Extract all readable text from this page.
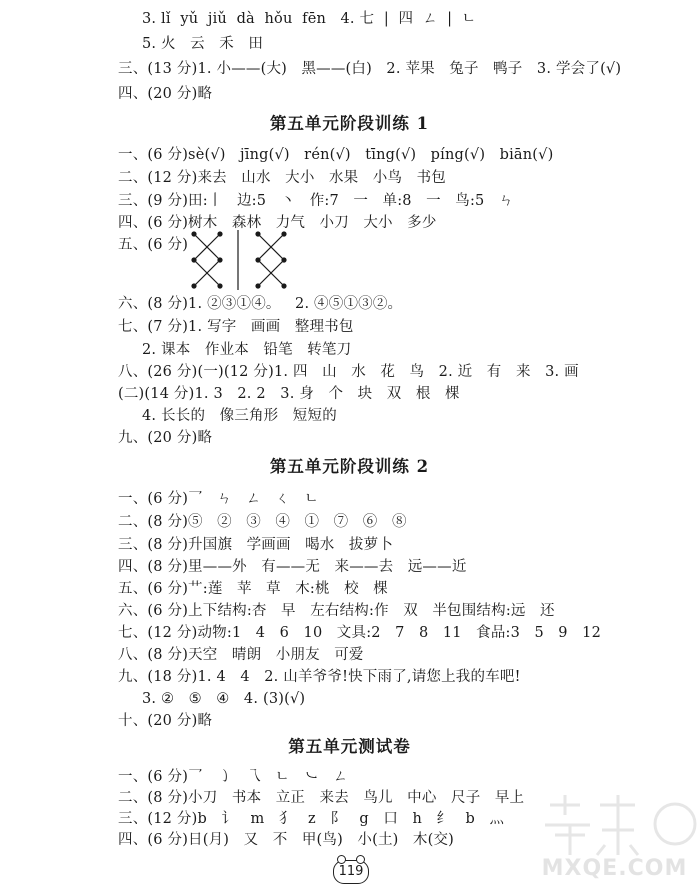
3. lǐ  yǔ  jiǔ  dà  hǒu  fēn   4. 七  |  四  ㄥ  |  ㄴ
5. 火   云   禾   田
三、(13 分)1. 小——(大)   黑——(白)   2. 苹果   兔子   鸭子   3. 学会了(√)
四、(20 分)略
第五单元阶段训练 1
一、(6 分)sè(√)   jīng(√)   rén(√)   tīng(√)   píng(√)   biān(√)
二、(12 分)来去   山水   大小   水果   小鸟   书包
三、(9 分)田:丨   边:5   丶   作:7   一   单:8   一   鸟:5   ㄣ
四、(6 分)树木   森林   力气   小刀   大小   多少
五、(6 分)
六、(8 分)1. ②③①④。   2. ④⑤①③②。
七、(7 分)1. 写字   画画   整理书包
2. 课本   作业本   铅笔   转笔刀
八、(26 分)(一)(12 分)1. 四   山   水   花   鸟   2. 近   有   来   3. 画
(二)(14 分)1. 3   2. 2   3. 身   个   块   双   根   棵
4. 长长的   像三角形   短短的
九、(20 分)略
第五单元阶段训练 2
一、(6 分)乛   ㄣ   ㄥ   ㄑ   ㄴ
二、(8 分)⑤   ②   ③   ④   ①   ⑦   ⑥   ⑧
三、(8 分)升国旗   学画画   喝水   拔萝卜
四、(8 分)里——外   有——无   来——去   远——近
五、(6 分)艹:莲   苹   草   木:桃   校   棵
六、(6 分)上下结构:杏   早   左右结构:作   双   半包围结构:远   还
七、(12 分)动物:1   4   6   10   文具:2   7   8   11   食品:3   5   9   12
八、(8 分)天空   晴朗   小朋友   可爱
九、(18 分)1. 4   4   2. 山羊爷爷!快下雨了,请您上我的车吧!
3. ②   ⑤   ④   4. (3)(√)
十、(20 分)略
第五单元测试卷
一、(6 分)乛   ㇁   乁   ㄴ   ㇃   ㄥ
二、(8 分)小刀   书本   立正   来去   鸟儿   中心   尺子   早上
三、(12 分)b   讠   m   犭   z   阝   g   口   h   纟   b   灬
四、(6 分)日(月)   又   不   甲(鸟)   小(土)   木(交)
119	MXQE.COM
